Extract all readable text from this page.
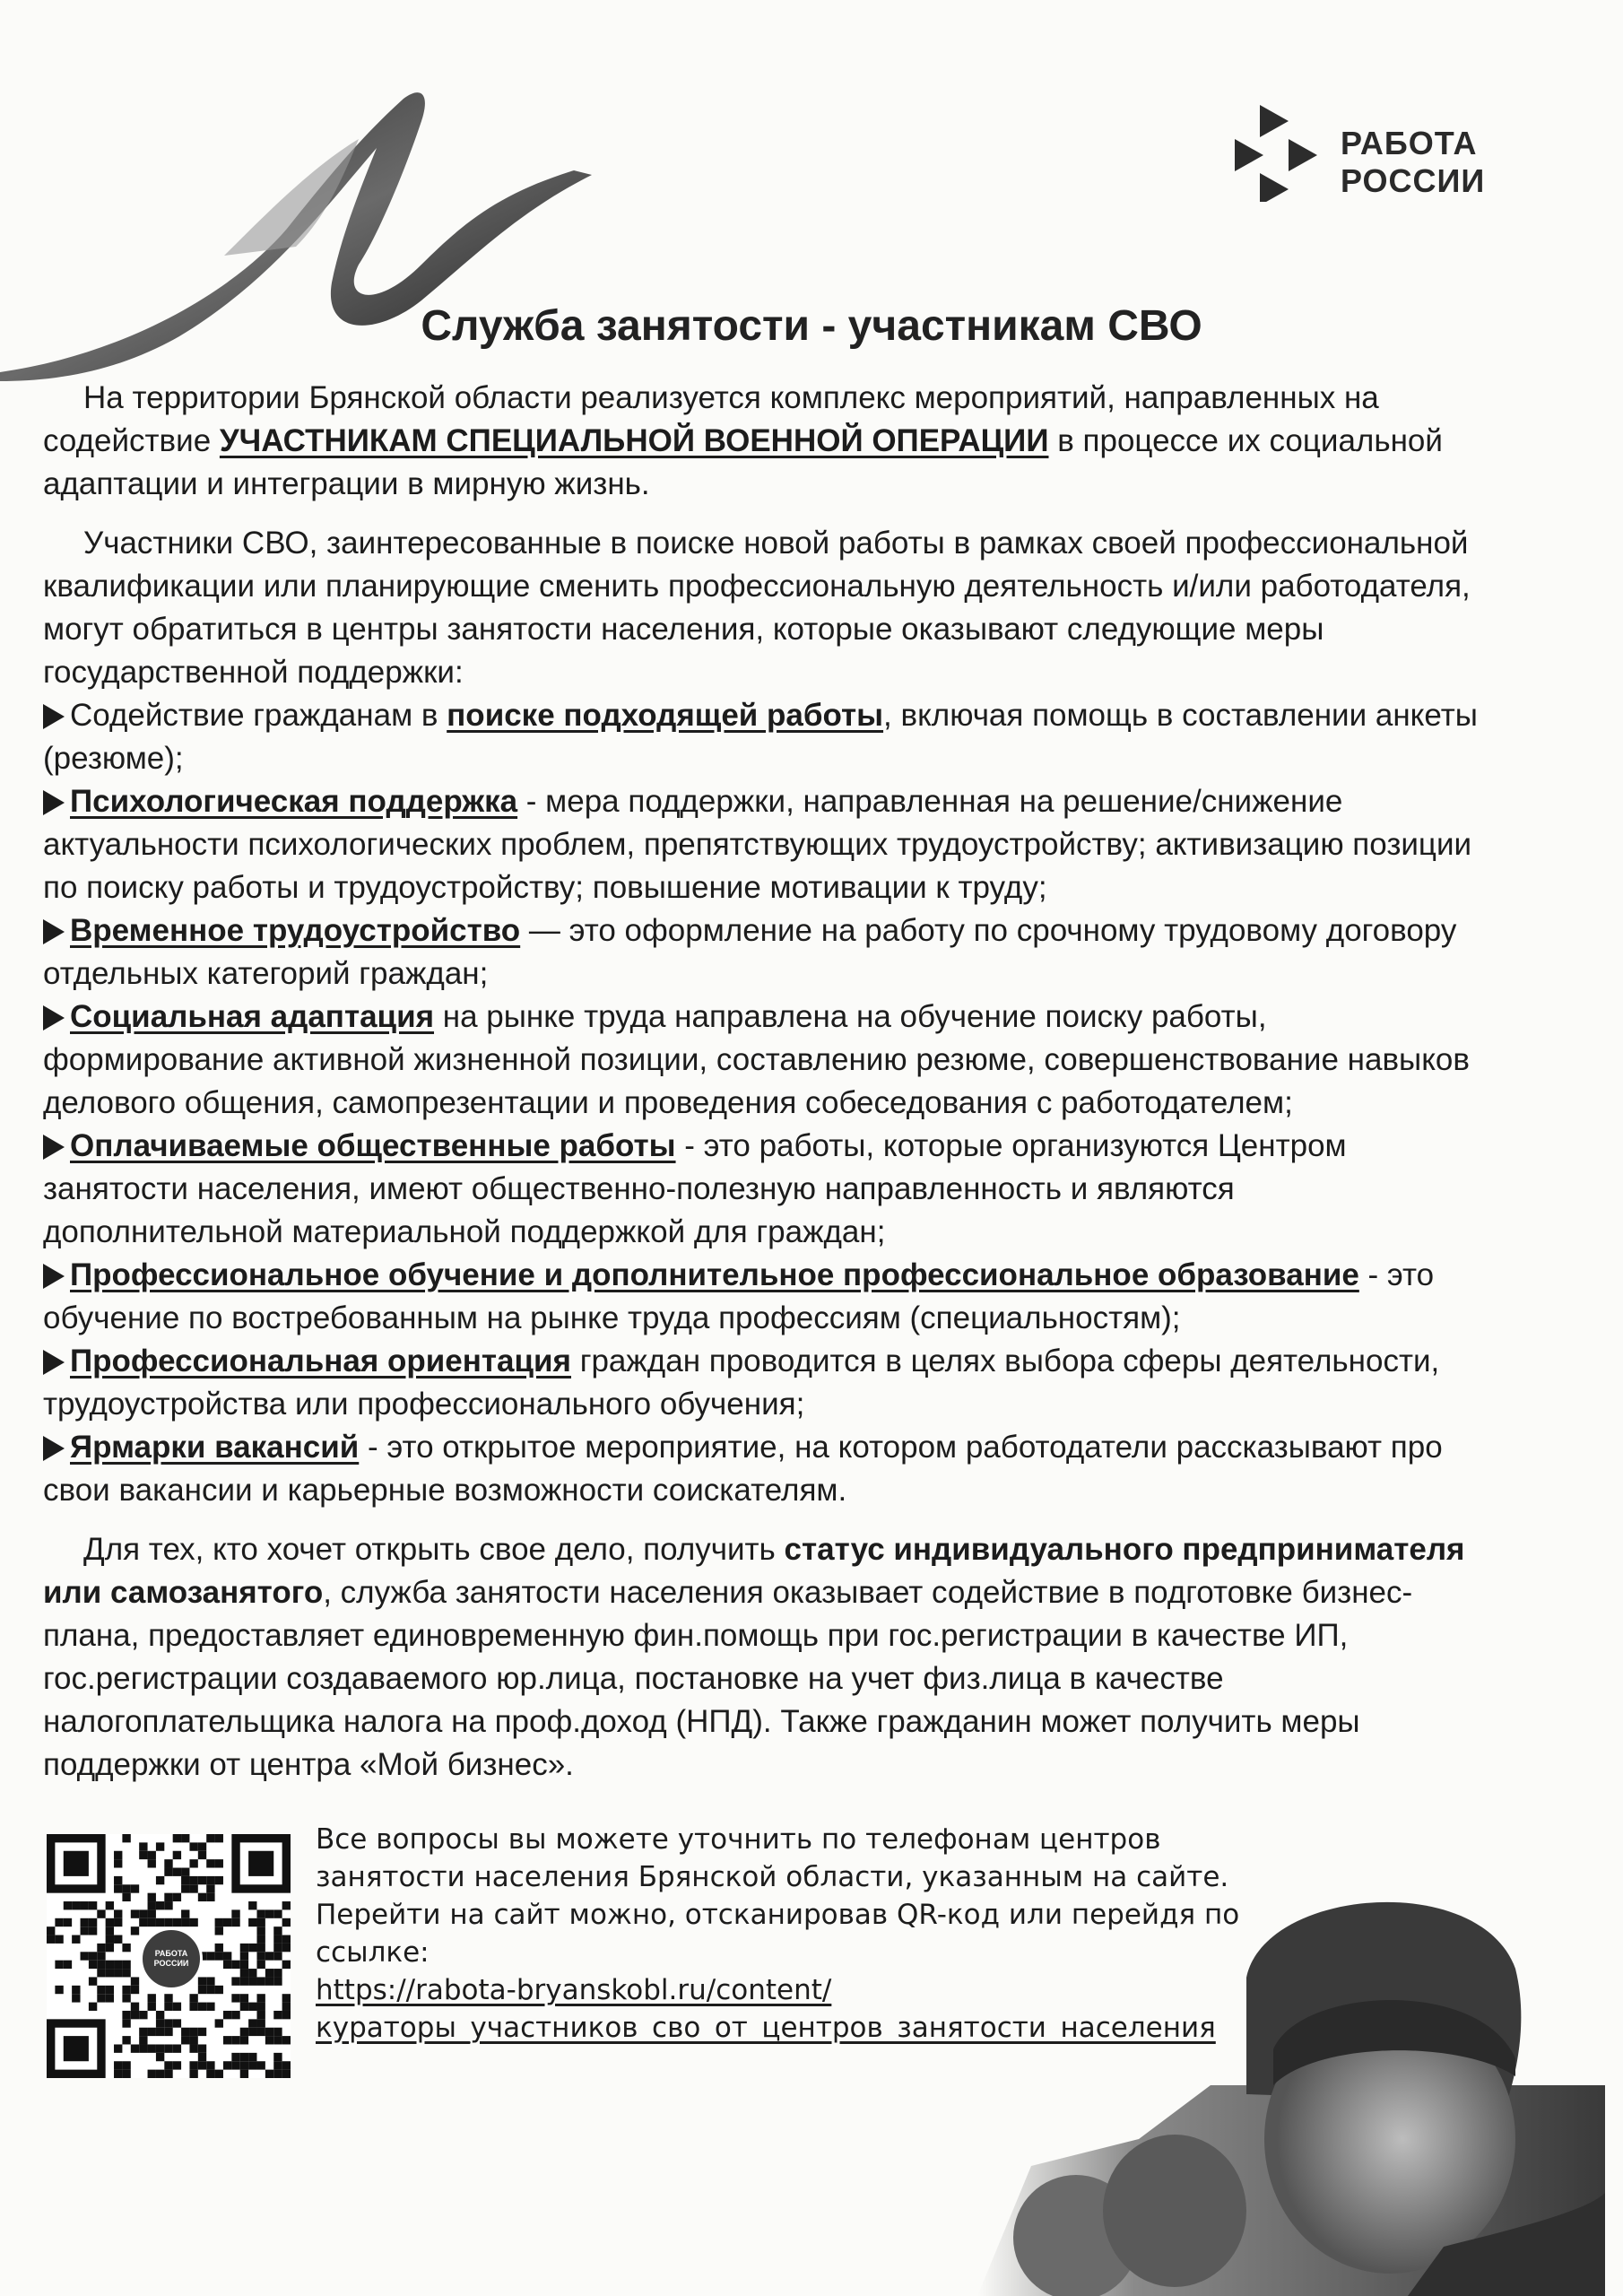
РАБОТА
РОССИИ
Служба занятости - участникам СВО

На территории Брянской области реализуется комплекс мероприятий, направленных на содействие УЧАСТНИКАМ СПЕЦИАЛЬНОЙ ВОЕННОЙ ОПЕРАЦИИ в процессе их социальной адаптации и интеграции в мирную жизнь.

Участники СВО, заинтересованные в поиске новой работы в рамках своей профессиональной квалификации или планирующие сменить профессиональную деятельность и/или работодателя, могут обратиться в центры занятости населения, которые оказывают следующие меры государственной поддержки:

Содействие гражданам в поиске подходящей работы, включая помощь в составлении анкеты (резюме);

Психологическая поддержка - мера поддержки, направленная на решение/снижение актуальности психологических проблем, препятствующих трудоустройству; активизацию позиции по поиску работы и трудоустройству; повышение мотивации к труду;

Временное трудоустройство — это оформление на работу по срочному трудовому договору отдельных категорий граждан;

Социальная адаптация на рынке труда направлена на обучение поиску работы, формирование активной жизненной позиции, составлению резюме, совершенствование навыков делового общения, самопрезентации и проведения собеседования с работодателем;

Оплачиваемые общественные работы - это работы, которые организуются Центром занятости населения, имеют общественно-полезную направленность и являются дополнительной материальной поддержкой для граждан;

Профессиональное обучение и дополнительное профессиональное образование - это обучение по востребованным на рынке труда профессиям (специальностям);

Профессиональная ориентация граждан проводится в целях выбора сферы деятельности, трудоустройства или профессионального обучения;

Ярмарки вакансий - это открытое мероприятие, на котором работодатели рассказывают про свои вакансии и карьерные возможности соискателям.

Для тех, кто хочет открыть свое дело, получить статус индивидуального предпринимателя или самозанятого, служба занятости населения оказывает содействие в подготовке бизнес-плана, предоставляет единовременную фин.помощь при гос.регистрации в качестве ИП, гос.регистрации создаваемого юр.лица, постановке на учет физ.лица в качестве налогоплательщика налога на проф.доход (НПД). Также гражданин может получить меры поддержки от центра «Мой бизнес».

РАБОТА РОССИИ
Все вопросы вы можете уточнить по телефонам центров
занятости населения Брянской области, указанным на сайте.
Перейти на сайт можно, отсканировав QR-код или перейдя по
ссылке:
https://rabota-bryanskobl.ru/content/
кураторы_участников_сво_от_центров_занятости_населения
